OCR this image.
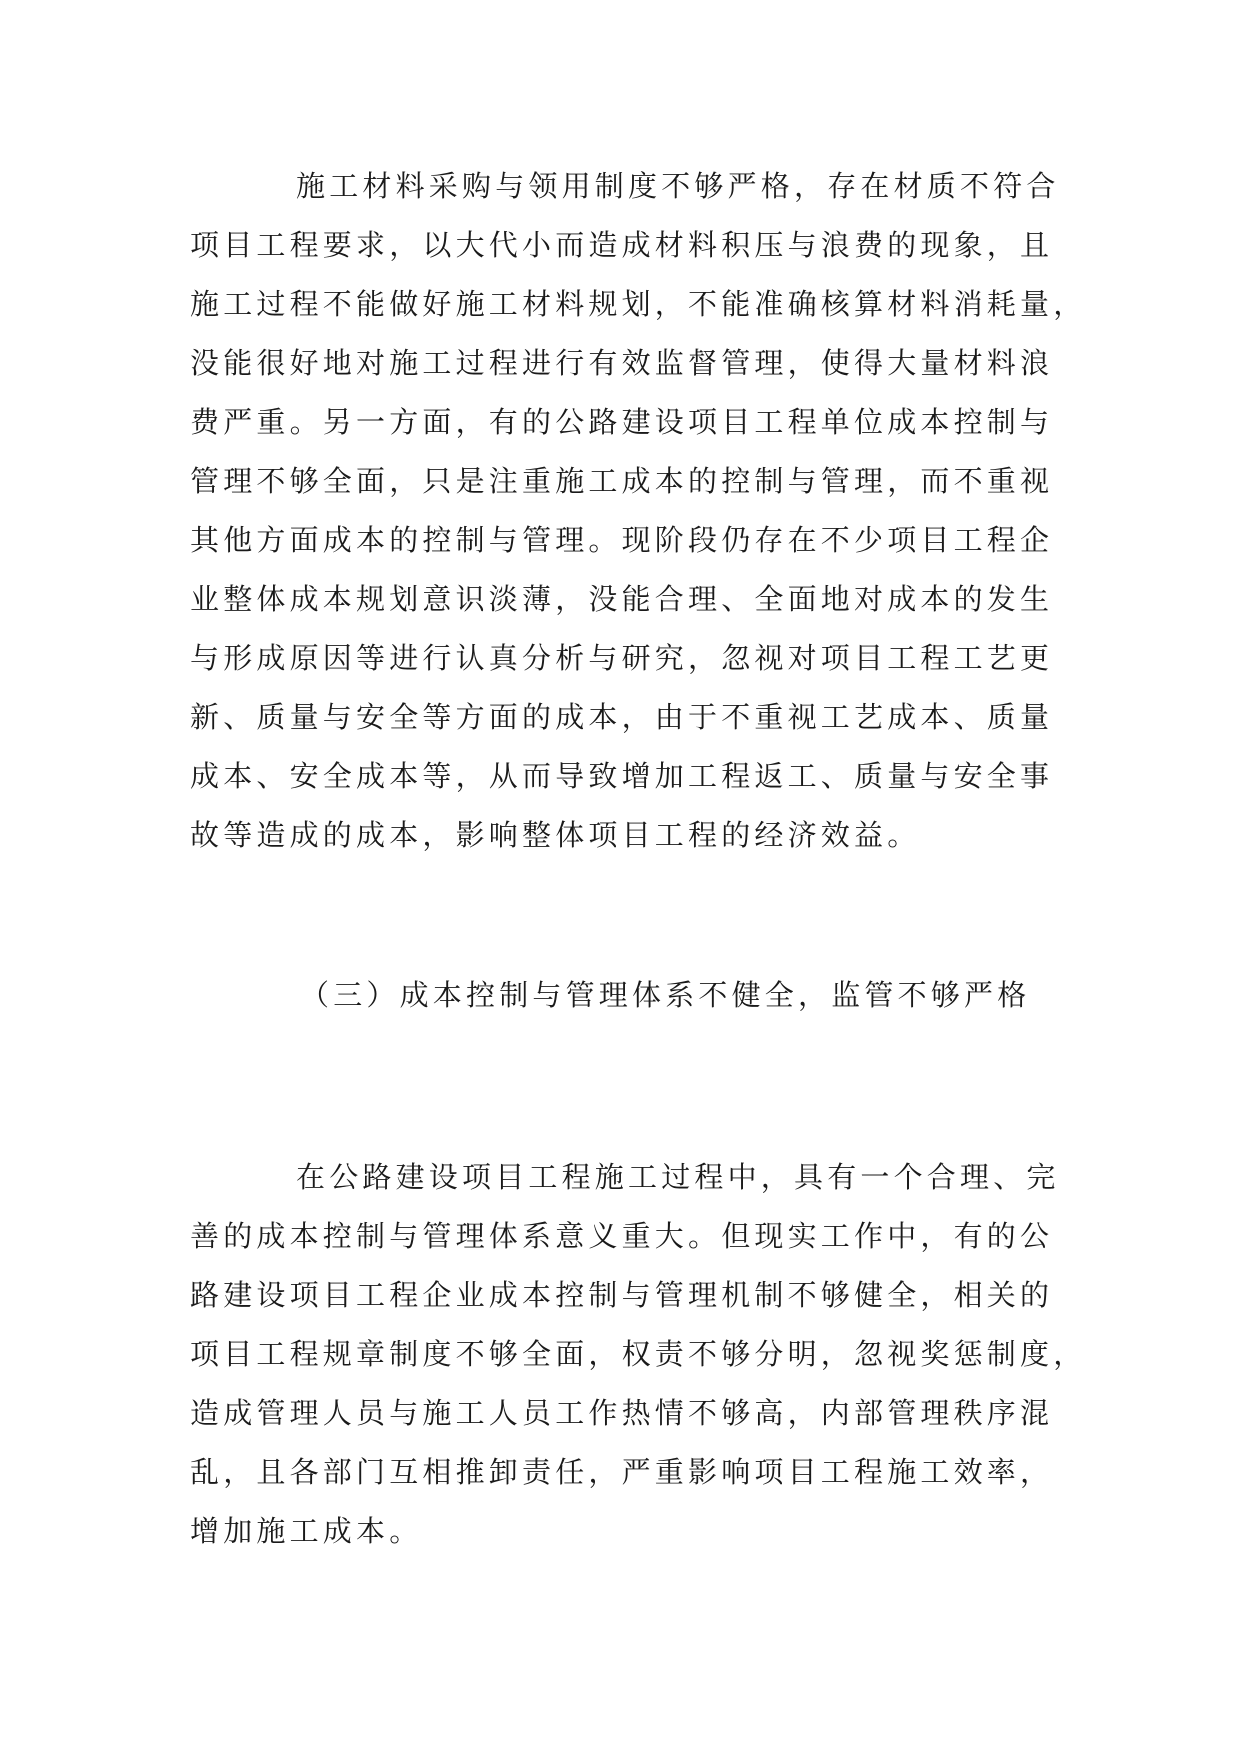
施工材料采购与领用制度不够严格，存在材质不符合
项目工程要求，以大代小而造成材料积压与浪费的现象，且
施工过程不能做好施工材料规划，不能准确核算材料消耗量，
没能很好地对施工过程进行有效监督管理，使得大量材料浪
费严重。另一方面，有的公路建设项目工程单位成本控制与
管理不够全面，只是注重施工成本的控制与管理，而不重视
其他方面成本的控制与管理。现阶段仍存在不少项目工程企
业整体成本规划意识淡薄，没能合理、全面地对成本的发生
与形成原因等进行认真分析与研究，忽视对项目工程工艺更
新、质量与安全等方面的成本，由于不重视工艺成本、质量
成本、安全成本等，从而导致增加工程返工、质量与安全事
故等造成的成本，影响整体项目工程的经济效益。
（三）成本控制与管理体系不健全，监管不够严格
在公路建设项目工程施工过程中，具有一个合理、完
善的成本控制与管理体系意义重大。但现实工作中，有的公
路建设项目工程企业成本控制与管理机制不够健全，相关的
项目工程规章制度不够全面，权责不够分明，忽视奖惩制度，
造成管理人员与施工人员工作热情不够高，内部管理秩序混
乱，且各部门互相推卸责任，严重影响项目工程施工效率，
增加施工成本。
